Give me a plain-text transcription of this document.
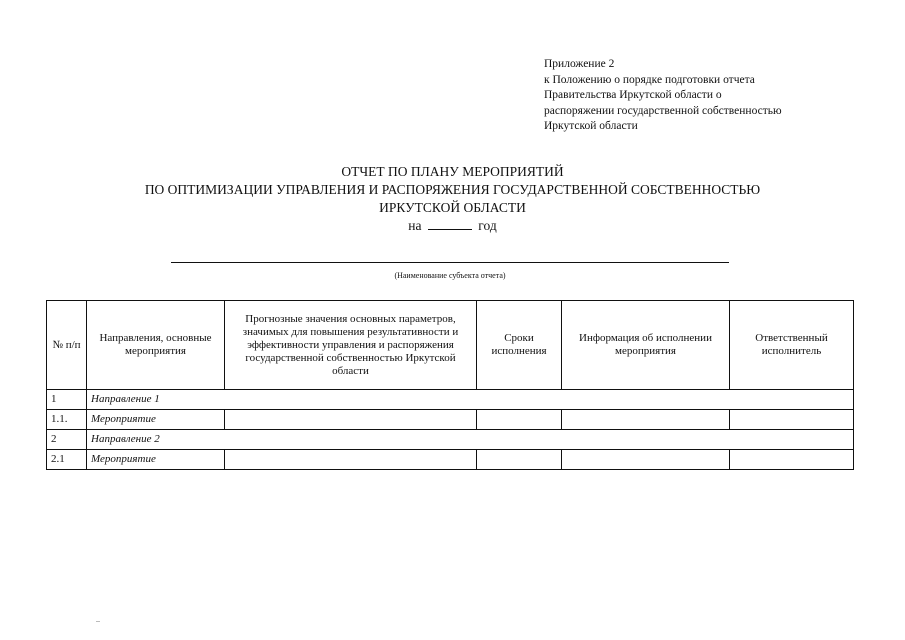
Приложение 2
к Положению о порядке подготовки отчета
Правительства Иркутской области о
распоряжении государственной собственностью
Иркутской области
ОТЧЕТ ПО ПЛАНУ МЕРОПРИЯТИЙ
ПО ОПТИМИЗАЦИИ УПРАВЛЕНИЯ И РАСПОРЯЖЕНИЯ ГОСУДАРСТВЕННОЙ СОБСТВЕННОСТЬЮ
ИРКУТСКОЙ ОБЛАСТИ
на	год
(Наименование субъекта отчета)
№ п/п	Направления, основные мероприятия	Прогнозные значения основных параметров, значимых для повышения результативности и эффективности управления и распоряжения государственной собственностью Иркутской области	Сроки исполнения	Информация об исполнении мероприятия	Ответственный исполнитель
1	Направление 1				
1.1.	Мероприятие				
2	Направление 2				
2.1	Мероприятие				
